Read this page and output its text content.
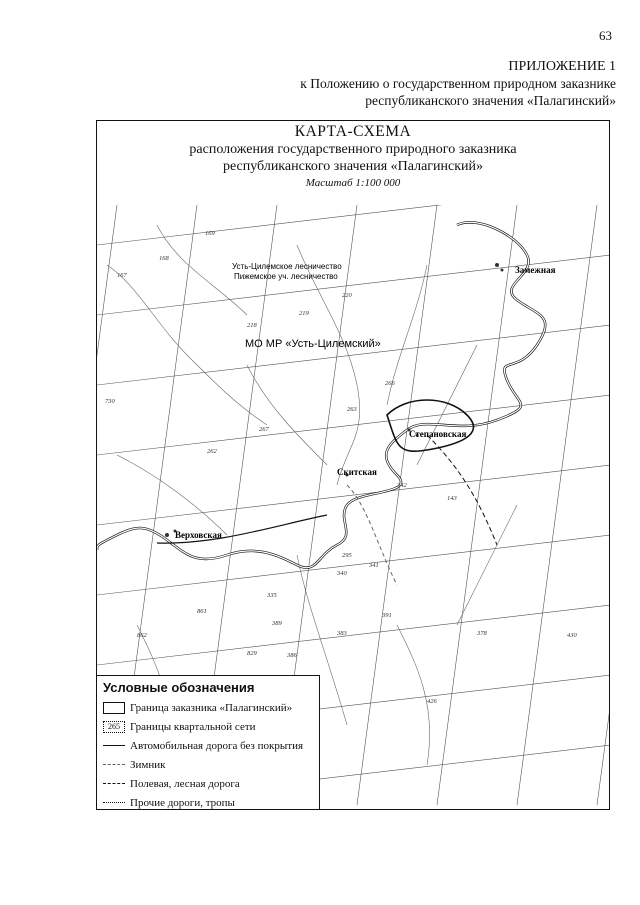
63
ПРИЛОЖЕНИЕ 1
к Положению о государственном природном заказнике
республиканского значения «Палагинский»
КАРТА-СХЕМА
расположения государственного природного заказника
республиканского значения «Палагинский»
Масштаб 1:100 000
Усть-Цилемское лесничество
Пижемское уч. лесничество
МО МР «Усть-Цилемский»
Замежная
Степановская
Скитская
Верховская
169
168
167
220
219
218
266
267
730
262
263
342
391
340
861
862
829	386
383	378
426
430
295
143
341
389
335
Условные обозначения
Граница заказника «Палагинский»
265 Границы квартальной сети
Автомобильная дорога без покрытия
Зимник
Полевая, лесная дорога
Прочие дороги, тропы
